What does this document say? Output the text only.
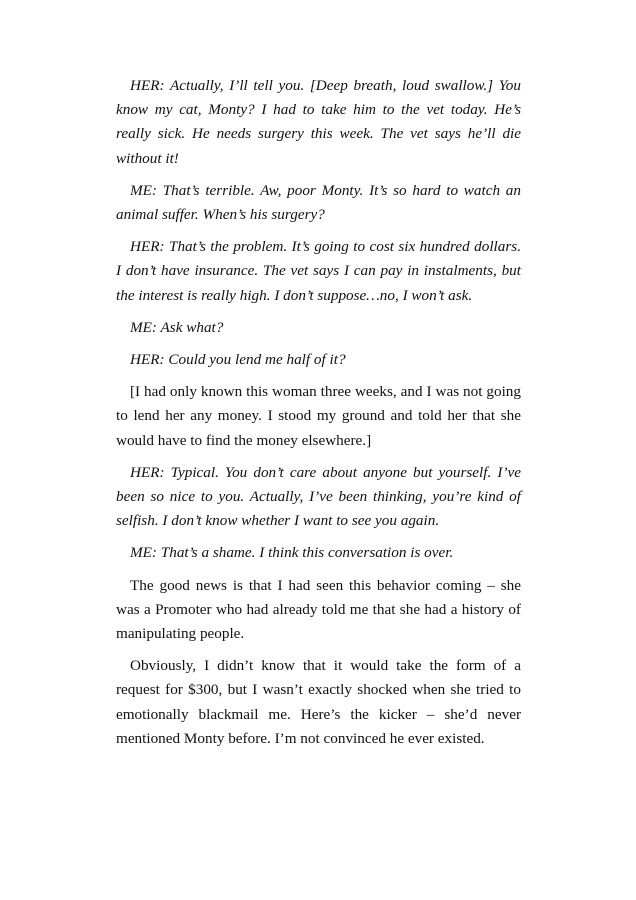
HER: Actually, I’ll tell you. [Deep breath, loud swallow.] You know my cat, Monty? I had to take him to the vet today. He’s really sick. He needs surgery this week. The vet says he’ll die without it!

ME: That’s terrible. Aw, poor Monty. It’s so hard to watch an animal suffer. When’s his surgery?

HER: That’s the problem. It’s going to cost six hundred dollars. I don’t have insurance. The vet says I can pay in instalments, but the interest is really high. I don’t suppose…no, I won’t ask.

ME: Ask what?

HER: Could you lend me half of it?

[I had only known this woman three weeks, and I was not going to lend her any money. I stood my ground and told her that she would have to find the money elsewhere.]

HER: Typical. You don’t care about anyone but yourself. I’ve been so nice to you. Actually, I’ve been thinking, you’re kind of selfish. I don’t know whether I want to see you again.

ME: That’s a shame. I think this conversation is over.

The good news is that I had seen this behavior coming – she was a Promoter who had already told me that she had a history of manipulating people.

Obviously, I didn’t know that it would take the form of a request for $300, but I wasn’t exactly shocked when she tried to emotionally blackmail me. Here’s the kicker – she’d never mentioned Monty before. I’m not convinced he ever existed.
